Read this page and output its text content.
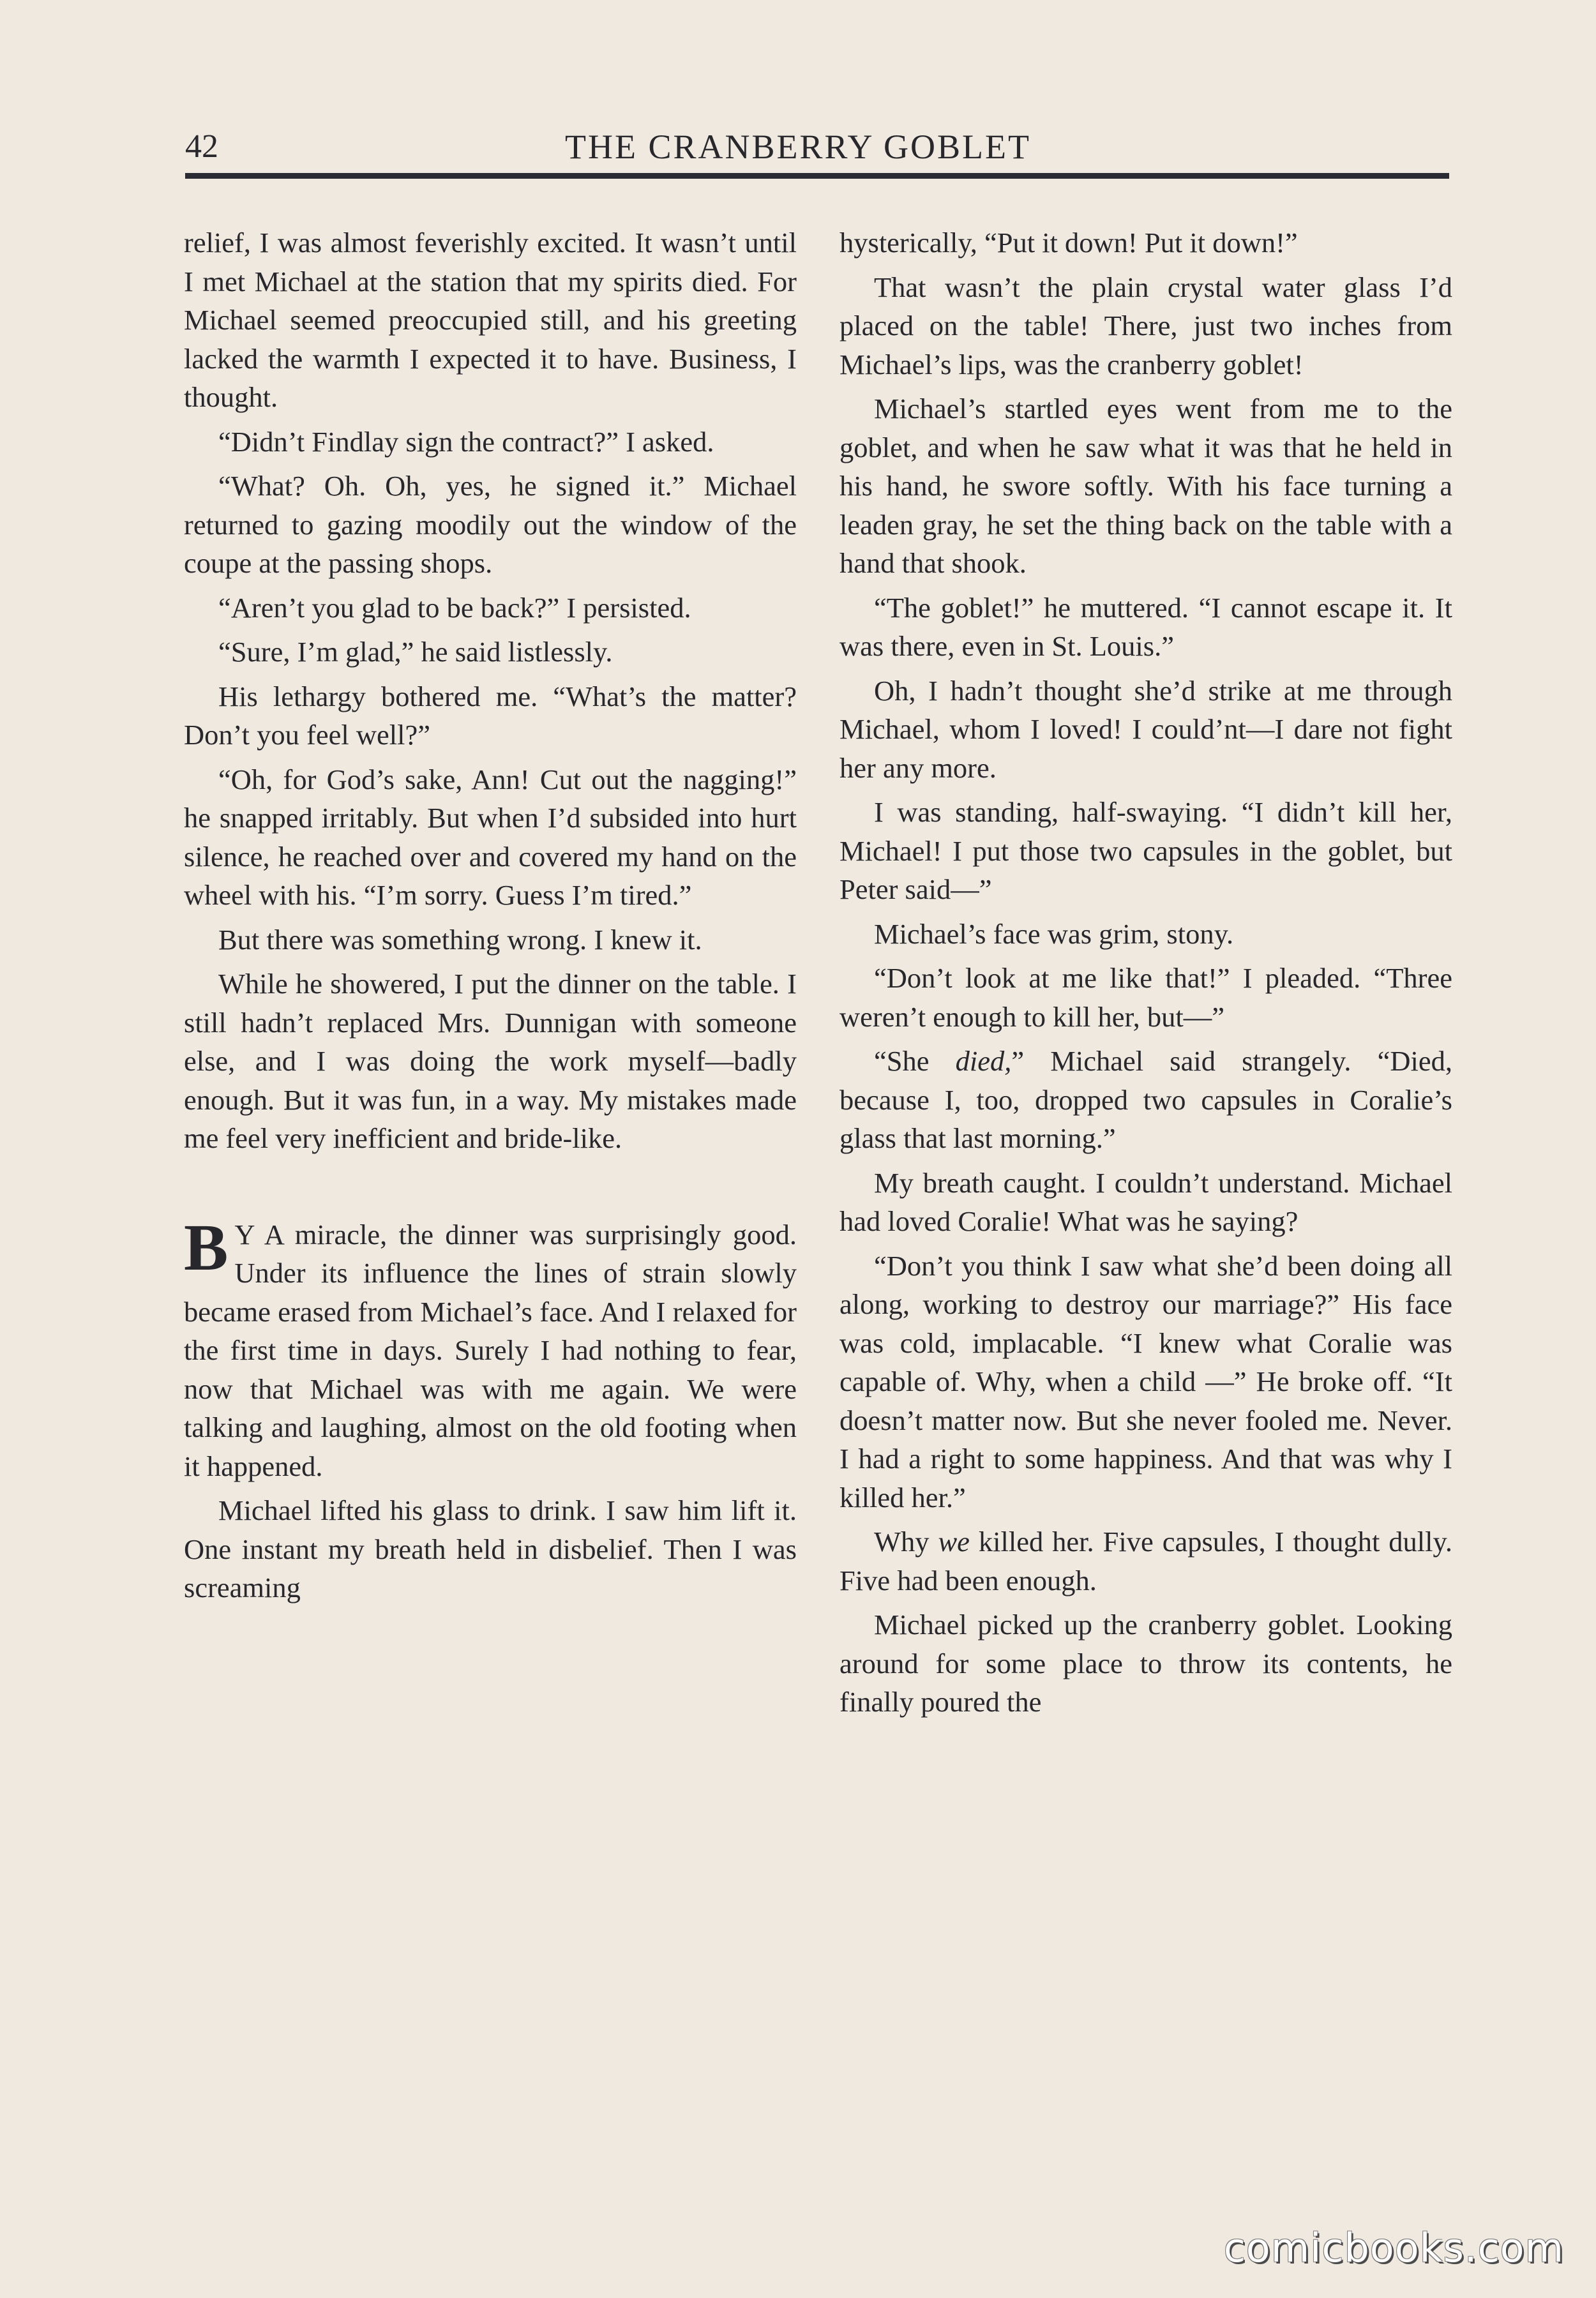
42	THE CRANBERRY GOBLET

relief, I was almost feverishly excited. It wasn’t until I met Michael at the station that my spirits died. For Michael seemed preoccupied still, and his greeting lacked the warmth I expected it to have. Business, I thought.

“Didn’t Findlay sign the contract?” I asked.

“What? Oh. Oh, yes, he signed it.” Michael returned to gazing moodily out the window of the coupe at the passing shops.

“Aren’t you glad to be back?” I persisted.

“Sure, I’m glad,” he said listlessly.

His lethargy bothered me. “What’s the matter? Don’t you feel well?”

“Oh, for God’s sake, Ann! Cut out the nagging!” he snapped irritably. But when I’d subsided into hurt silence, he reached over and covered my hand on the wheel with his. “I’m sorry. Guess I’m tired.”

But there was something wrong. I knew it.

While he showered, I put the dinner on the table. I still hadn’t replaced Mrs. Dunnigan with someone else, and I was doing the work myself—badly enough. But it was fun, in a way. My mistakes made me feel very inefficient and bride-like.

B Y A miracle, the dinner was surprisingly good. Under its influence the lines of strain slowly became erased from Michael’s face. And I relaxed for the first time in days. Surely I had nothing to fear, now that Michael was with me again. We were talking and laughing, almost on the old footing when it happened.

Michael lifted his glass to drink. I saw him lift it. One instant my breath held in disbelief. Then I was screaming

hysterically, “Put it down! Put it down!”

That wasn’t the plain crystal water glass I’d placed on the table! There, just two inches from Michael’s lips, was the cranberry goblet!

Michael’s startled eyes went from me to the goblet, and when he saw what it was that he held in his hand, he swore softly. With his face turning a leaden gray, he set the thing back on the table with a hand that shook.

“The goblet!” he muttered. “I cannot escape it. It was there, even in St. Louis.”

Oh, I hadn’t thought she’d strike at me through Michael, whom I loved! I could’nt—I dare not fight her any more.

I was standing, half-swaying. “I didn’t kill her, Michael! I put those two capsules in the goblet, but Peter said—”

Michael’s face was grim, stony.

“Don’t look at me like that!” I pleaded. “Three weren’t enough to kill her, but—”

“She died,” Michael said strangely. “Died, because I, too, dropped two capsules in Coralie’s glass that last morning.”

My breath caught. I couldn’t understand. Michael had loved Coralie! What was he saying?

“Don’t you think I saw what she’d been doing all along, working to destroy our marriage?” His face was cold, implacable. “I knew what Coralie was capable of. Why, when a child —” He broke off. “It doesn’t matter now. But she never fooled me. Never. I had a right to some happiness. And that was why I killed her.”

Why we killed her. Five capsules, I thought dully. Five had been enough.

Michael picked up the cranberry goblet. Looking around for some place to throw its contents, he finally poured the

comicbooks.com
